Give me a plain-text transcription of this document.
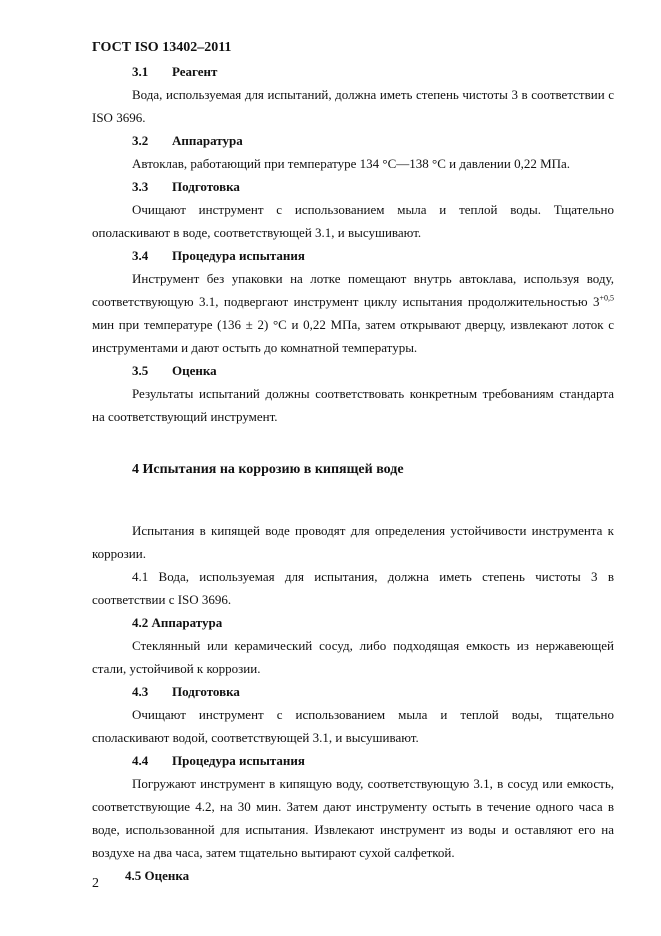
ГОСТ ISO 13402–2011
3.1	Реагент

Вода, используемая для испытаний, должна иметь степень чистоты 3 в соответствии с ISO 3696.

3.2	Аппаратура

Автоклав, работающий при температуре 134 °С—138 °С и давлении 0,22 МПа.

3.3	Подготовка

Очищают инструмент с использованием мыла и теплой воды. Тщательно ополаскивают в воде, соответствующей 3.1, и высушивают.

3.4	Процедура испытания

Инструмент без упаковки на лотке помещают внутрь автоклава, используя воду, соответствующую 3.1, подвергают инструмент циклу испытания продолжительностью $3^{+0,5}$ мин при температуре (136 ± 2) °С и 0,22 МПа, затем открывают дверцу, извлекают лоток с инструментами и дают остыть до комнатной температуры.

3.5	Оценка

Результаты испытаний должны соответствовать конкретным требованиям стандарта на соответствующий инструмент.

4 Испытания на коррозию в кипящей воде

Испытания в кипящей воде проводят для определения устойчивости инструмента к коррозии.

4.1 Вода, используемая для испытания, должна иметь степень чистоты 3 в соответствии с ISO 3696.

4.2 Аппаратура

Стеклянный или керамический сосуд, либо подходящая емкость из нержавеющей стали, устойчивой к коррозии.

4.3	Подготовка

Очищают инструмент с использованием мыла и теплой воды, тщательно споласкивают водой, соответствующей 3.1, и высушивают.

4.4	Процедура испытания

Погружают инструмент в кипящую воду, соответствующую 3.1, в сосуд или емкость, соответствующие 4.2, на 30 мин. Затем дают инструменту остыть в течение одного часа в воде, использованной для испытания. Извлекают инструмент из воды и оставляют его на воздухе на два часа, затем тщательно вытирают сухой салфеткой.

4.5 Оценка
2
